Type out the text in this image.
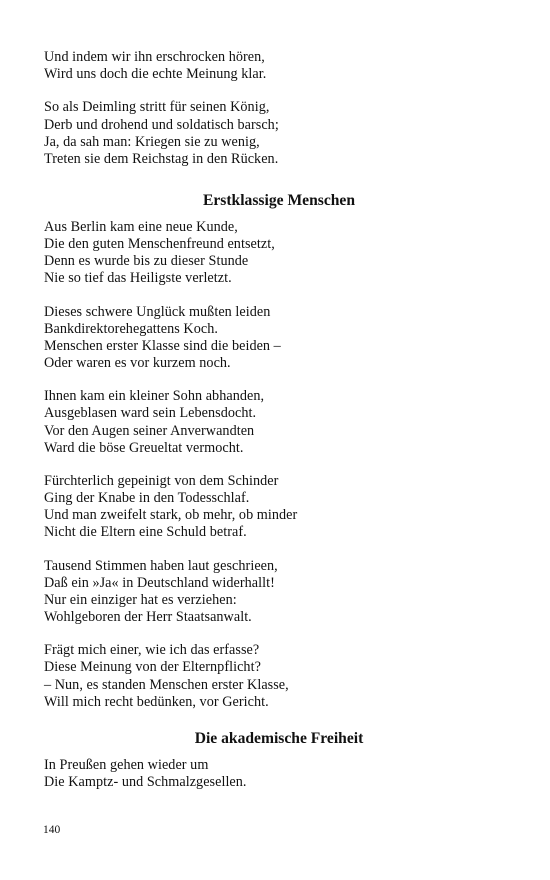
Und indem wir ihn erschrocken hören,
Wird uns doch die echte Meinung klar.
So als Deimling stritt für seinen König,
Derb und drohend und soldatisch barsch;
Ja, da sah man: Kriegen sie zu wenig,
Treten sie dem Reichstag in den Rücken.
Erstklassige Menschen
Aus Berlin kam eine neue Kunde,
Die den guten Menschenfreund entsetzt,
Denn es wurde bis zu dieser Stunde
Nie so tief das Heiligste verletzt.
Dieses schwere Unglück mußten leiden
Bankdirektorehegattens Koch.
Menschen erster Klasse sind die beiden –
Oder waren es vor kurzem noch.
Ihnen kam ein kleiner Sohn abhanden,
Ausgeblasen ward sein Lebensdocht.
Vor den Augen seiner Anverwandten
Ward die böse Greueltat vermocht.
Fürchterlich gepeinigt von dem Schinder
Ging der Knabe in den Todesschlaf.
Und man zweifelt stark, ob mehr, ob minder
Nicht die Eltern eine Schuld betraf.
Tausend Stimmen haben laut geschrieen,
Daß ein »Ja« in Deutschland widerhallt!
Nur ein einziger hat es verziehen:
Wohlgeboren der Herr Staatsanwalt.
Frägt mich einer, wie ich das erfasse?
Diese Meinung von der Elternpflicht?
– Nun, es standen Menschen erster Klasse,
Will mich recht bedünken, vor Gericht.
Die akademische Freiheit
In Preußen gehen wieder um
Die Kamptz- und Schmalzgesellen.
140
